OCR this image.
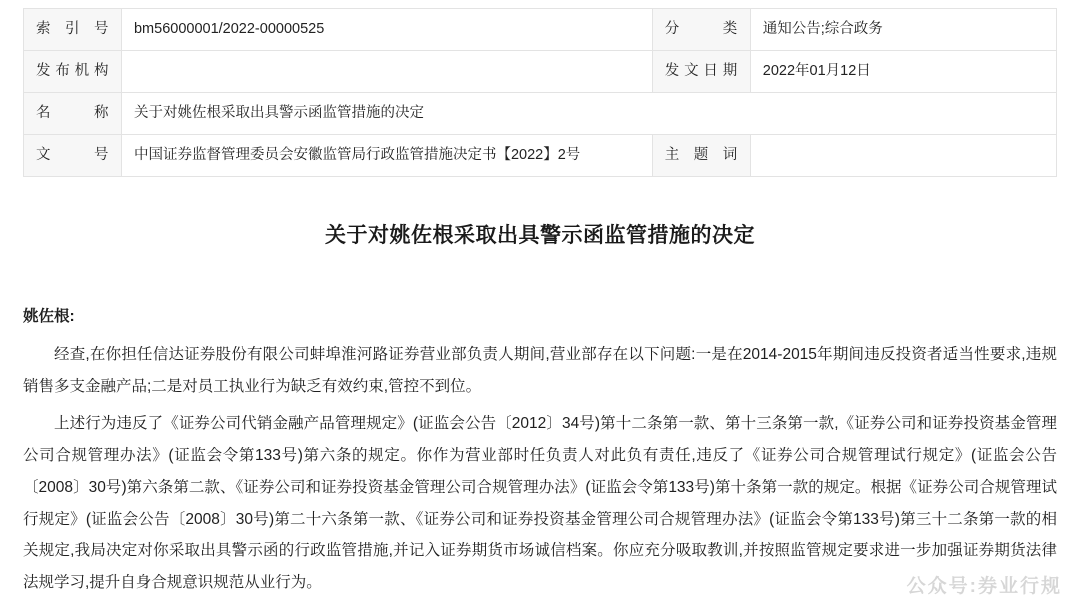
索 引 号	bm56000001/2022-00000525	分 类	通知公告;综合政务
发布机构		发文日期	2022年01月12日
名 称	关于对姚佐根采取出具警示函监管措施的决定		
文 号	中国证券监督管理委员会安徽监管局行政监管措施决定书【2022】2号	主 题 词	
关于对姚佐根采取出具警示函监管措施的决定
姚佐根:

经查,在你担任信达证券股份有限公司蚌埠淮河路证券营业部负责人期间,营业部存在以下问题:一是在2014-2015年期间违反投资者适当性要求,违规销售多支金融产品;二是对员工执业行为缺乏有效约束,管控不到位。

上述行为违反了《证券公司代销金融产品管理规定》(证监会公告〔2012〕34号)第十二条第一款、第十三条第一款,《证券公司和证券投资基金管理公司合规管理办法》(证监会令第133号)第六条的规定。你作为营业部时任负责人对此负有责任,违反了《证券公司合规管理试行规定》(证监会公告〔2008〕30号)第六条第二款、《证券公司和证券投资基金管理公司合规管理办法》(证监会令第133号)第十条第一款的规定。根据《证券公司合规管理试行规定》(证监会公告〔2008〕30号)第二十六条第一款、《证券公司和证券投资基金管理公司合规管理办法》(证监会令第133号)第三十二条第一款的相关规定,我局决定对你采取出具警示函的行政监管措施,并记入证券期货市场诚信档案。你应充分吸取教训,并按照监管规定要求进一步加强证券期货法律法规学习,提升自身合规意识规范从业行为。	公众号:券业行规
